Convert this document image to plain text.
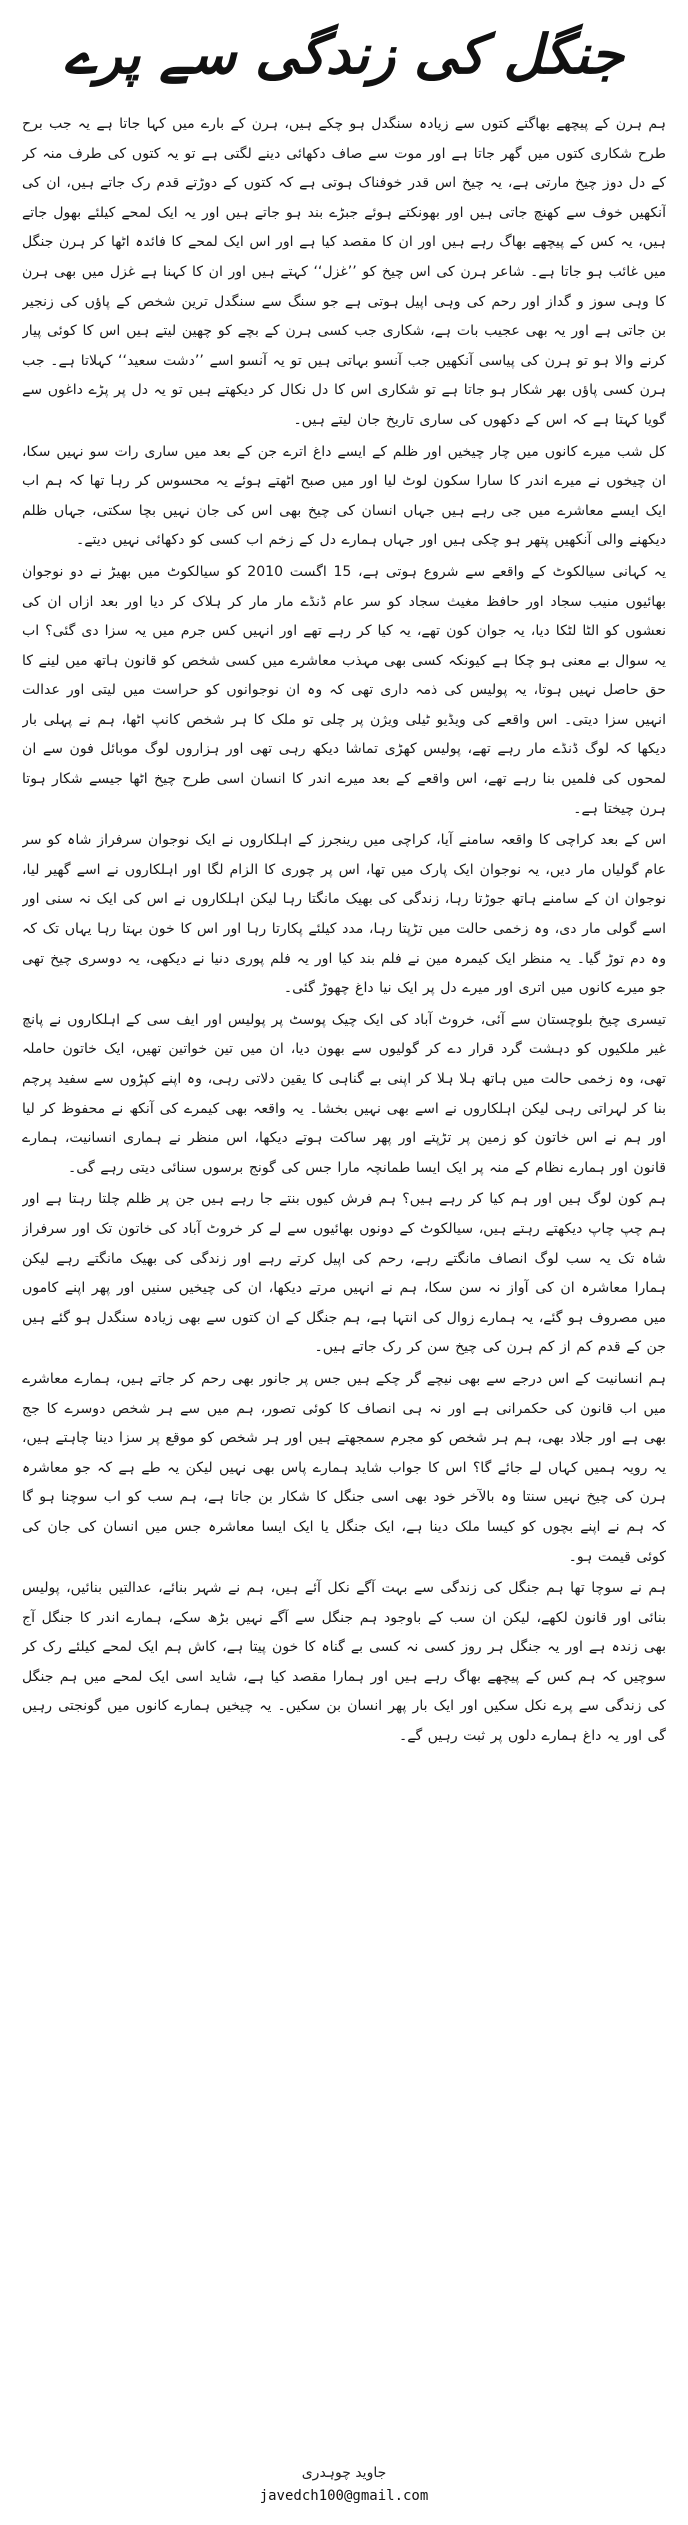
جنگل کی زندگی سے پرے

ہم ہرن کے پیچھے بھاگتے کتوں سے زیادہ سنگدل ہو چکے ہیں، ہرن کے بارے میں کہا جاتا ہے یہ جب برح طرح شکاری کتوں میں گھر جاتا ہے اور موت سے صاف دکھائی دینے لگتی ہے تو یہ کتوں کی طرف منہ کر کے دل دوز چیخ مارتی ہے، یہ چیخ اس قدر خوفناک ہوتی ہے کہ کتوں کے دوڑتے قدم رک جاتے ہیں، ان کی آنکھیں خوف سے کھنچ جاتی ہیں اور بھونکتے ہوئے جبڑے بند ہو جاتے ہیں اور یہ ایک لمحے کیلئے بھول جاتے ہیں، یہ کس کے پیچھے بھاگ رہے ہیں اور ان کا مقصد کیا ہے اور اس ایک لمحے کا فائدہ اٹھا کر ہرن جنگل میں غائب ہو جاتا ہے۔ شاعر ہرن کی اس چیخ کو ’’غزل‘‘ کہتے ہیں اور ان کا کہنا ہے غزل میں بھی ہرن کا وہی سوز و گداز اور رحم کی وہی اپیل ہوتی ہے جو سنگ سے سنگدل ترین شخص کے پاؤں کی زنجیر بن جاتی ہے اور یہ بھی عجیب بات ہے، شکاری جب کسی ہرن کے بچے کو چھین لیتے ہیں اس کا کوئی پیار کرنے والا ہو تو ہرن کی پیاسی آنکھیں جب آنسو بہاتی ہیں تو یہ آنسو اسے ’’دشت سعید‘‘ کہلاتا ہے۔ جب ہرن کسی پاؤں بھر شکار ہو جاتا ہے تو شکاری اس کا دل نکال کر دیکھتے ہیں تو یہ دل پر پڑے داغوں سے گویا کہتا ہے کہ اس کے دکھوں کی ساری تاریخ جان لیتے ہیں۔

کل شب میرے کانوں میں چار چیخیں اور ظلم کے ایسے داغ اترے جن کے بعد میں ساری رات سو نہیں سکا، ان چیخوں نے میرے اندر کا سارا سکون لوٹ لیا اور میں صبح اٹھتے ہوئے یہ محسوس کر رہا تھا کہ ہم اب ایک ایسے معاشرے میں جی رہے ہیں جہاں انسان کی چیخ بھی اس کی جان نہیں بچا سکتی، جہاں ظلم دیکھنے والی آنکھیں پتھر ہو چکی ہیں اور جہاں ہمارے دل کے زخم اب کسی کو دکھائی نہیں دیتے۔

یہ کہانی سیالکوٹ کے واقعے سے شروع ہوتی ہے، 15 اگست 2010 کو سیالکوٹ میں بھیڑ نے دو نوجوان بھائیوں منیب سجاد اور حافظ مغیث سجاد کو سر عام ڈنڈے مار مار کر ہلاک کر دیا اور بعد ازاں ان کی نعشوں کو الٹا لٹکا دیا، یہ جوان کون تھے، یہ کیا کر رہے تھے اور انہیں کس جرم میں یہ سزا دی گئی؟ اب یہ سوال بے معنی ہو چکا ہے کیونکہ کسی بھی مہذب معاشرے میں کسی شخص کو قانون ہاتھ میں لینے کا حق حاصل نہیں ہوتا، یہ پولیس کی ذمہ داری تھی کہ وہ ان نوجوانوں کو حراست میں لیتی اور عدالت انہیں سزا دیتی۔ اس واقعے کی ویڈیو ٹیلی ویژن پر چلی تو ملک کا ہر شخص کانپ اٹھا، ہم نے پہلی بار دیکھا کہ لوگ ڈنڈے مار رہے تھے، پولیس کھڑی تماشا دیکھ رہی تھی اور ہزاروں لوگ موبائل فون سے ان لمحوں کی فلمیں بنا رہے تھے، اس واقعے کے بعد میرے اندر کا انسان اسی طرح چیخ اٹھا جیسے شکار ہوتا ہرن چیختا ہے۔

اس کے بعد کراچی کا واقعہ سامنے آیا، کراچی میں رینجرز کے اہلکاروں نے ایک نوجوان سرفراز شاہ کو سر عام گولیاں مار دیں، یہ نوجوان ایک پارک میں تھا، اس پر چوری کا الزام لگا اور اہلکاروں نے اسے گھیر لیا، نوجوان ان کے سامنے ہاتھ جوڑتا رہا، زندگی کی بھیک مانگتا رہا لیکن اہلکاروں نے اس کی ایک نہ سنی اور اسے گولی مار دی، وہ زخمی حالت میں تڑپتا رہا، مدد کیلئے پکارتا رہا اور اس کا خون بہتا رہا یہاں تک کہ وہ دم توڑ گیا۔ یہ منظر ایک کیمرہ مین نے فلم بند کیا اور یہ فلم پوری دنیا نے دیکھی، یہ دوسری چیخ تھی جو میرے کانوں میں اتری اور میرے دل پر ایک نیا داغ چھوڑ گئی۔

تیسری چیخ بلوچستان سے آئی، خروٹ آباد کی ایک چیک پوسٹ پر پولیس اور ایف سی کے اہلکاروں نے پانچ غیر ملکیوں کو دہشت گرد قرار دے کر گولیوں سے بھون دیا، ان میں تین خواتین تھیں، ایک خاتون حاملہ تھی، وہ زخمی حالت میں ہاتھ ہلا ہلا کر اپنی بے گناہی کا یقین دلاتی رہی، وہ اپنے کپڑوں سے سفید پرچم بنا کر لہراتی رہی لیکن اہلکاروں نے اسے بھی نہیں بخشا۔ یہ واقعہ بھی کیمرے کی آنکھ نے محفوظ کر لیا اور ہم نے اس خاتون کو زمین پر تڑپتے اور پھر ساکت ہوتے دیکھا، اس منظر نے ہماری انسانیت، ہمارے قانون اور ہمارے نظام کے منہ پر ایک ایسا طمانچہ مارا جس کی گونج برسوں سنائی دیتی رہے گی۔

ہم کون لوگ ہیں اور ہم کیا کر رہے ہیں؟ ہم فرش کیوں بنتے جا رہے ہیں جن پر ظلم چلتا رہتا ہے اور ہم چپ چاپ دیکھتے رہتے ہیں، سیالکوٹ کے دونوں بھائیوں سے لے کر خروٹ آباد کی خاتون تک اور سرفراز شاہ تک یہ سب لوگ انصاف مانگتے رہے، رحم کی اپیل کرتے رہے اور زندگی کی بھیک مانگتے رہے لیکن ہمارا معاشرہ ان کی آواز نہ سن سکا، ہم نے انہیں مرتے دیکھا، ان کی چیخیں سنیں اور پھر اپنے کاموں میں مصروف ہو گئے، یہ ہمارے زوال کی انتہا ہے، ہم جنگل کے ان کتوں سے بھی زیادہ سنگدل ہو گئے ہیں جن کے قدم کم از کم ہرن کی چیخ سن کر رک جاتے ہیں۔

ہم انسانیت کے اس درجے سے بھی نیچے گر چکے ہیں جس پر جانور بھی رحم کر جاتے ہیں، ہمارے معاشرے میں اب قانون کی حکمرانی ہے اور نہ ہی انصاف کا کوئی تصور، ہم میں سے ہر شخص دوسرے کا جج بھی ہے اور جلاد بھی، ہم ہر شخص کو مجرم سمجھتے ہیں اور ہر شخص کو موقع پر سزا دینا چاہتے ہیں، یہ رویہ ہمیں کہاں لے جائے گا؟ اس کا جواب شاید ہمارے پاس بھی نہیں لیکن یہ طے ہے کہ جو معاشرہ ہرن کی چیخ نہیں سنتا وہ بالآخر خود بھی اسی جنگل کا شکار بن جاتا ہے، ہم سب کو اب سوچنا ہو گا کہ ہم نے اپنے بچوں کو کیسا ملک دینا ہے، ایک جنگل یا ایک ایسا معاشرہ جس میں انسان کی جان کی کوئی قیمت ہو۔

ہم نے سوچا تھا ہم جنگل کی زندگی سے بہت آگے نکل آئے ہیں، ہم نے شہر بنائے، عدالتیں بنائیں، پولیس بنائی اور قانون لکھے، لیکن ان سب کے باوجود ہم جنگل سے آگے نہیں بڑھ سکے، ہمارے اندر کا جنگل آج بھی زندہ ہے اور یہ جنگل ہر روز کسی نہ کسی بے گناہ کا خون پیتا ہے، کاش ہم ایک لمحے کیلئے رک کر سوچیں کہ ہم کس کے پیچھے بھاگ رہے ہیں اور ہمارا مقصد کیا ہے، شاید اسی ایک لمحے میں ہم جنگل کی زندگی سے پرے نکل سکیں اور ایک بار پھر انسان بن سکیں۔ یہ چیخیں ہمارے کانوں میں گونجتی رہیں گی اور یہ داغ ہمارے دلوں پر ثبت رہیں گے۔

جاوید چوہدری
javedch100@gmail.com
